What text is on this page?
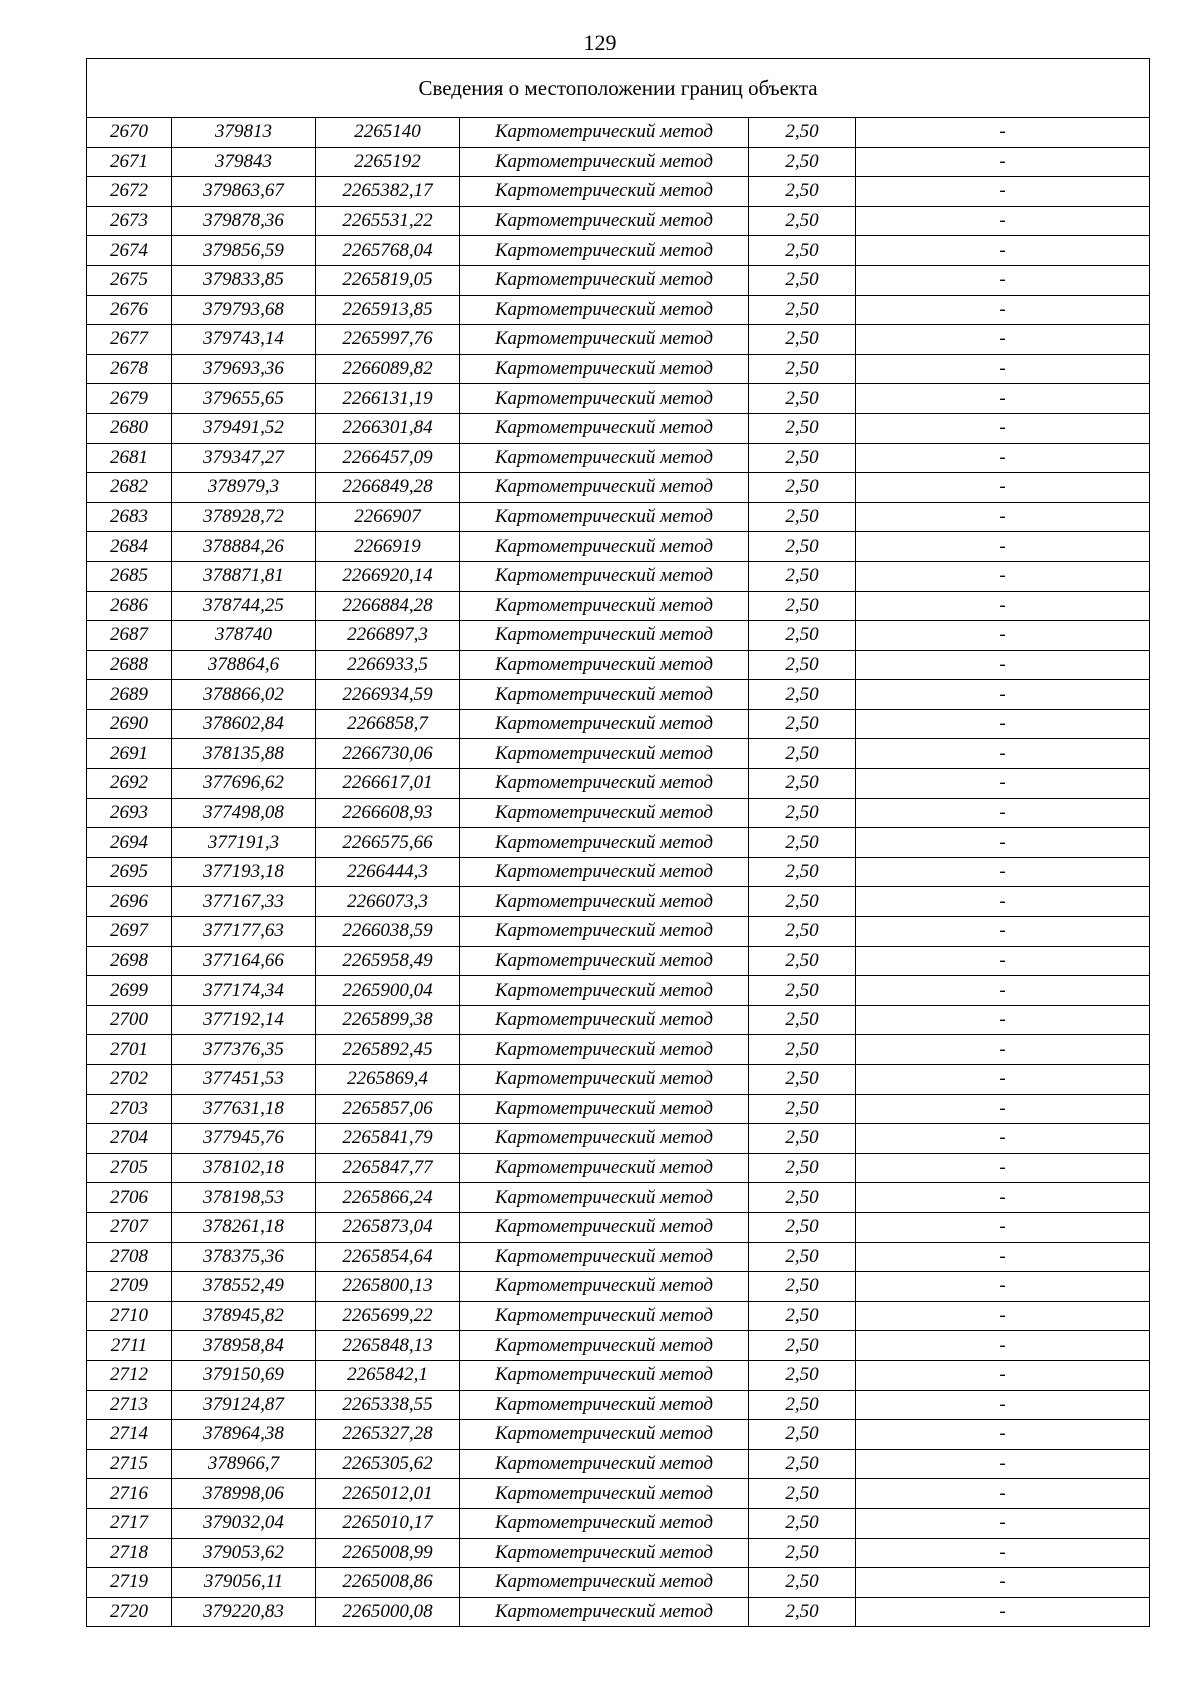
129
Сведения о местоположении границ объекта					
2670	379813	2265140	Картометрический метод	2,50	-
2671	379843	2265192	Картометрический метод	2,50	-
2672	379863,67	2265382,17	Картометрический метод	2,50	-
2673	379878,36	2265531,22	Картометрический метод	2,50	-
2674	379856,59	2265768,04	Картометрический метод	2,50	-
2675	379833,85	2265819,05	Картометрический метод	2,50	-
2676	379793,68	2265913,85	Картометрический метод	2,50	-
2677	379743,14	2265997,76	Картометрический метод	2,50	-
2678	379693,36	2266089,82	Картометрический метод	2,50	-
2679	379655,65	2266131,19	Картометрический метод	2,50	-
2680	379491,52	2266301,84	Картометрический метод	2,50	-
2681	379347,27	2266457,09	Картометрический метод	2,50	-
2682	378979,3	2266849,28	Картометрический метод	2,50	-
2683	378928,72	2266907	Картометрический метод	2,50	-
2684	378884,26	2266919	Картометрический метод	2,50	-
2685	378871,81	2266920,14	Картометрический метод	2,50	-
2686	378744,25	2266884,28	Картометрический метод	2,50	-
2687	378740	2266897,3	Картометрический метод	2,50	-
2688	378864,6	2266933,5	Картометрический метод	2,50	-
2689	378866,02	2266934,59	Картометрический метод	2,50	-
2690	378602,84	2266858,7	Картометрический метод	2,50	-
2691	378135,88	2266730,06	Картометрический метод	2,50	-
2692	377696,62	2266617,01	Картометрический метод	2,50	-
2693	377498,08	2266608,93	Картометрический метод	2,50	-
2694	377191,3	2266575,66	Картометрический метод	2,50	-
2695	377193,18	2266444,3	Картометрический метод	2,50	-
2696	377167,33	2266073,3	Картометрический метод	2,50	-
2697	377177,63	2266038,59	Картометрический метод	2,50	-
2698	377164,66	2265958,49	Картометрический метод	2,50	-
2699	377174,34	2265900,04	Картометрический метод	2,50	-
2700	377192,14	2265899,38	Картометрический метод	2,50	-
2701	377376,35	2265892,45	Картометрический метод	2,50	-
2702	377451,53	2265869,4	Картометрический метод	2,50	-
2703	377631,18	2265857,06	Картометрический метод	2,50	-
2704	377945,76	2265841,79	Картометрический метод	2,50	-
2705	378102,18	2265847,77	Картометрический метод	2,50	-
2706	378198,53	2265866,24	Картометрический метод	2,50	-
2707	378261,18	2265873,04	Картометрический метод	2,50	-
2708	378375,36	2265854,64	Картометрический метод	2,50	-
2709	378552,49	2265800,13	Картометрический метод	2,50	-
2710	378945,82	2265699,22	Картометрический метод	2,50	-
2711	378958,84	2265848,13	Картометрический метод	2,50	-
2712	379150,69	2265842,1	Картометрический метод	2,50	-
2713	379124,87	2265338,55	Картометрический метод	2,50	-
2714	378964,38	2265327,28	Картометрический метод	2,50	-
2715	378966,7	2265305,62	Картометрический метод	2,50	-
2716	378998,06	2265012,01	Картометрический метод	2,50	-
2717	379032,04	2265010,17	Картометрический метод	2,50	-
2718	379053,62	2265008,99	Картометрический метод	2,50	-
2719	379056,11	2265008,86	Картометрический метод	2,50	-
2720	379220,83	2265000,08	Картометрический метод	2,50	-
